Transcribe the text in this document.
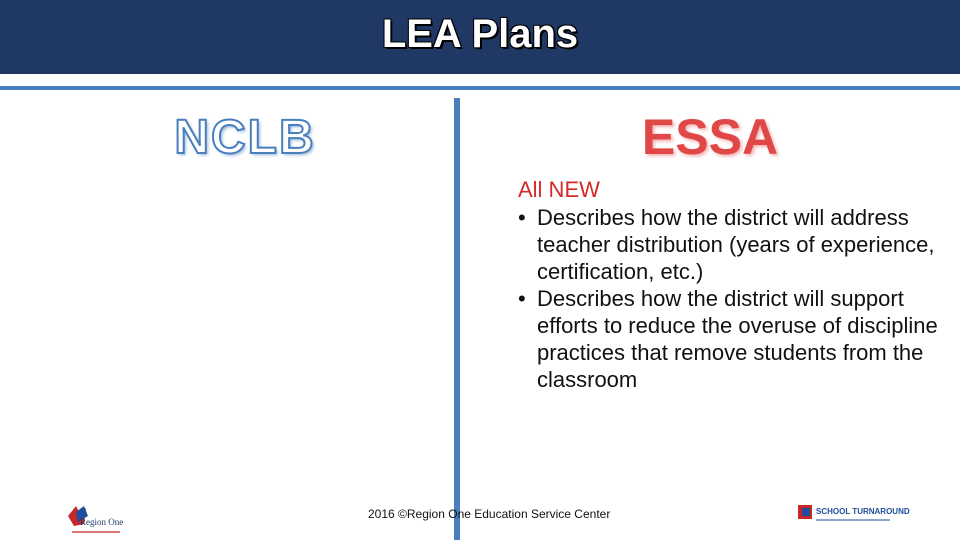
LEA Plans
NCLB	ESSA
All NEW
• Describes how the district will address teacher distribution (years of experience, certification, etc.)
• Describes how the district will support efforts to reduce the overuse of discipline practices that remove students from the classroom
Region One
2016 ©Region One Education Service Center	SCHOOL TURNAROUND
